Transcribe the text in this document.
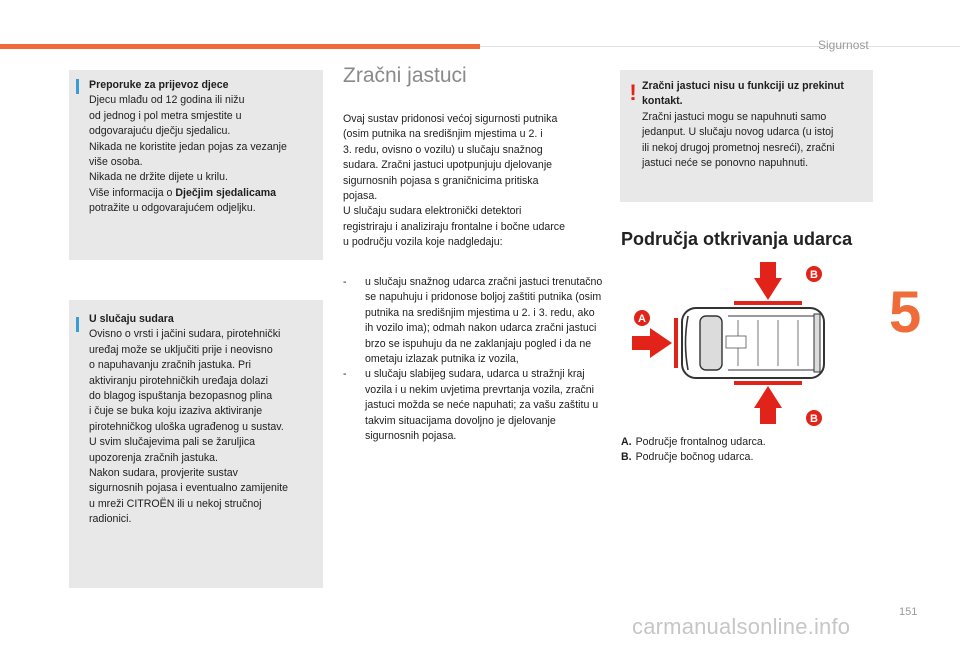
Sigurnost
Preporuke za prijevoz djece
Djecu mlađu od 12 godina ili nižu
od jednog i pol metra smjestite u
odgovarajuću dječju sjedalicu.
Nikada ne koristite jedan pojas za vezanje
više osoba.
Nikada ne držite dijete u krilu.
Više informacija o Dječjim sjedalicama
potražite u odgovarajućem odjeljku.
U slučaju sudara
Ovisno o vrsti i jačini sudara, pirotehnički
uređaj može se uključiti prije i neovisno
o napuhavanju zračnih jastuka. Pri
aktiviranju pirotehničkih uređaja dolazi
do blagog ispuštanja bezopasnog plina
i čuje se buka koju izaziva aktiviranje
pirotehničkog uloška ugrađenog u sustav.
U svim slučajevima pali se žaruljica
upozorenja zračnih jastuka.
Nakon sudara, provjerite sustav
sigurnosnih pojasa i eventualno zamijenite
u mreži CITROËN ili u nekoj stručnoj
radionici.
Zračni jastuci
Ovaj sustav pridonosi većoj sigurnosti putnika
(osim putnika na središnjim mjestima u 2. i
3. redu, ovisno o vozilu) u slučaju snažnog
sudara. Zračni jastuci upotpunjuju djelovanje
sigurnosnih pojasa s graničnicima pritiska
pojasa.
U slučaju sudara elektronički detektori
registriraju i analiziraju frontalne i bočne udarce
u području vozila koje nadgledaju:
- u slučaju snažnog udarca zračni jastuci trenutačno se napuhuju i pridonose boljoj zaštiti putnika (osim putnika na središnjim mjestima u 2. i 3. redu, ako ih vozilo ima); odmah nakon udarca zračni jastuci brzo se ispuhuju da ne zaklanjaju pogled i da ne ometaju izlazak putnika iz vozila,
- u slučaju slabijeg sudara, udarca u stražnji kraj vozila i u nekim uvjetima prevrtanja vozila, zračni jastuci možda se neće napuhati; za vašu zaštitu u takvim situacijama dovoljno je djelovanje sigurnosnih pojasa.
! Zračni jastuci nisu u funkciji uz prekinut kontakt.
Zračni jastuci mogu se napuhnuti samo
jedanput. U slučaju novog udarca (u istoj
ili nekoj drugoj prometnoj nesreći), zračni
jastuci neće se ponovno napuhnuti.
Područja otkrivanja udarca
A
B
B
A. Područje frontalnog udarca.
B. Područje bočnog udarca.
5
151
carmanualsonline.info
